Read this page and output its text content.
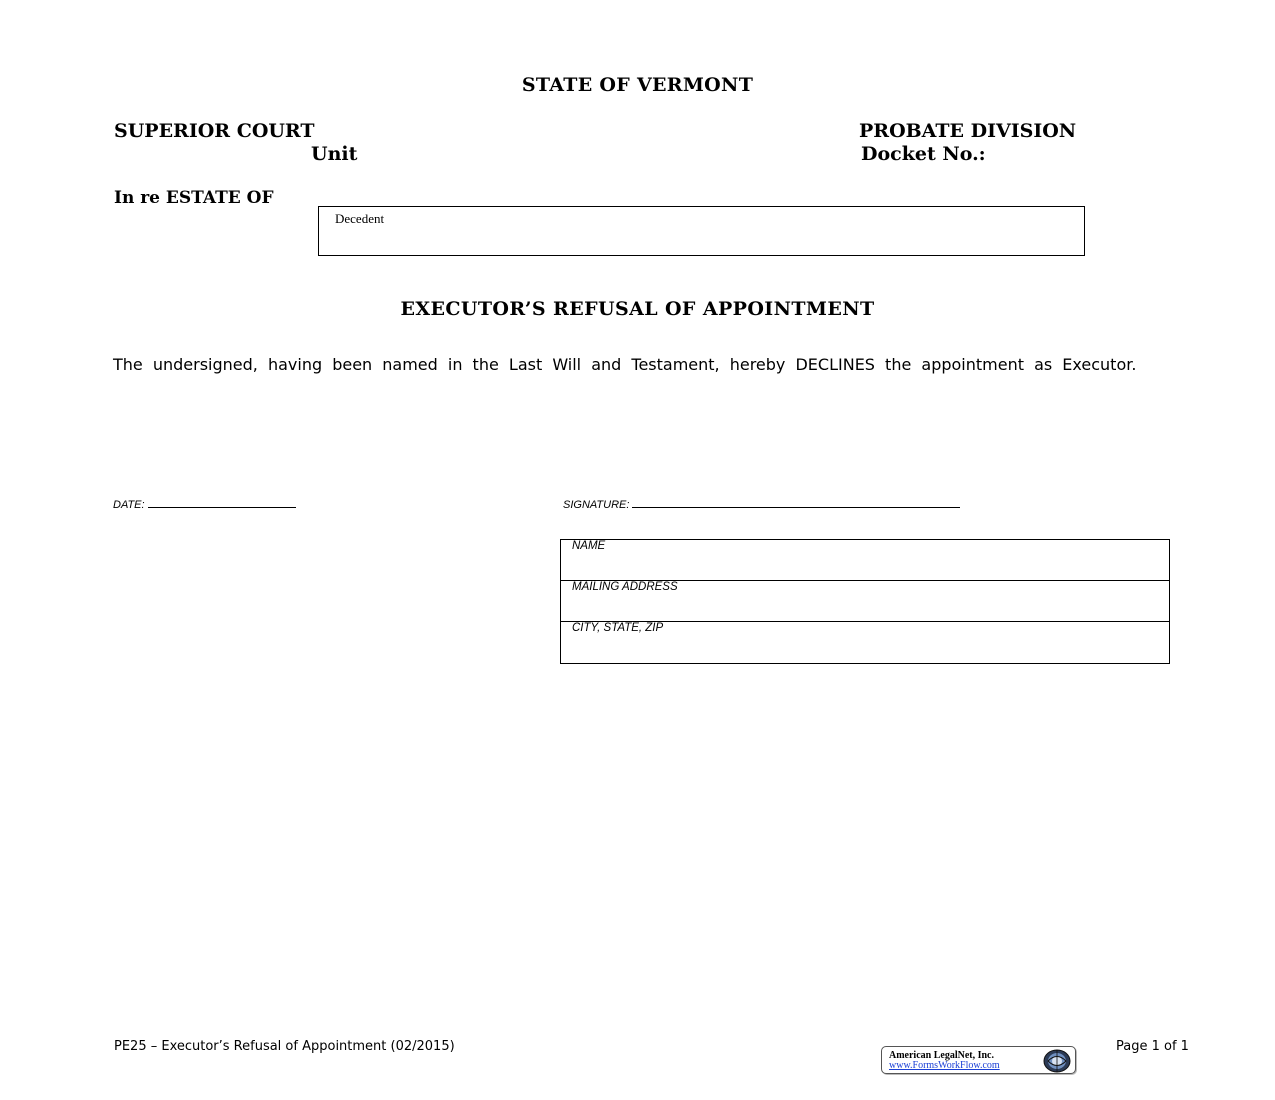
STATE OF VERMONT
SUPERIOR COURT
Unit
PROBATE DIVISION
Docket No.:
In re ESTATE OF
Decedent
EXECUTOR’S REFUSAL OF APPOINTMENT
The undersigned, having been named in the Last Will and Testament, hereby DECLINES the appointment as Executor.
DATE:	SIGNATURE:
NAME
MAILING ADDRESS
CITY, STATE, ZIP
PE25 – Executor’s Refusal of Appointment (02/2015)
American LegalNet, Inc.
www.FormsWorkFlow.com
Page 1 of 1
